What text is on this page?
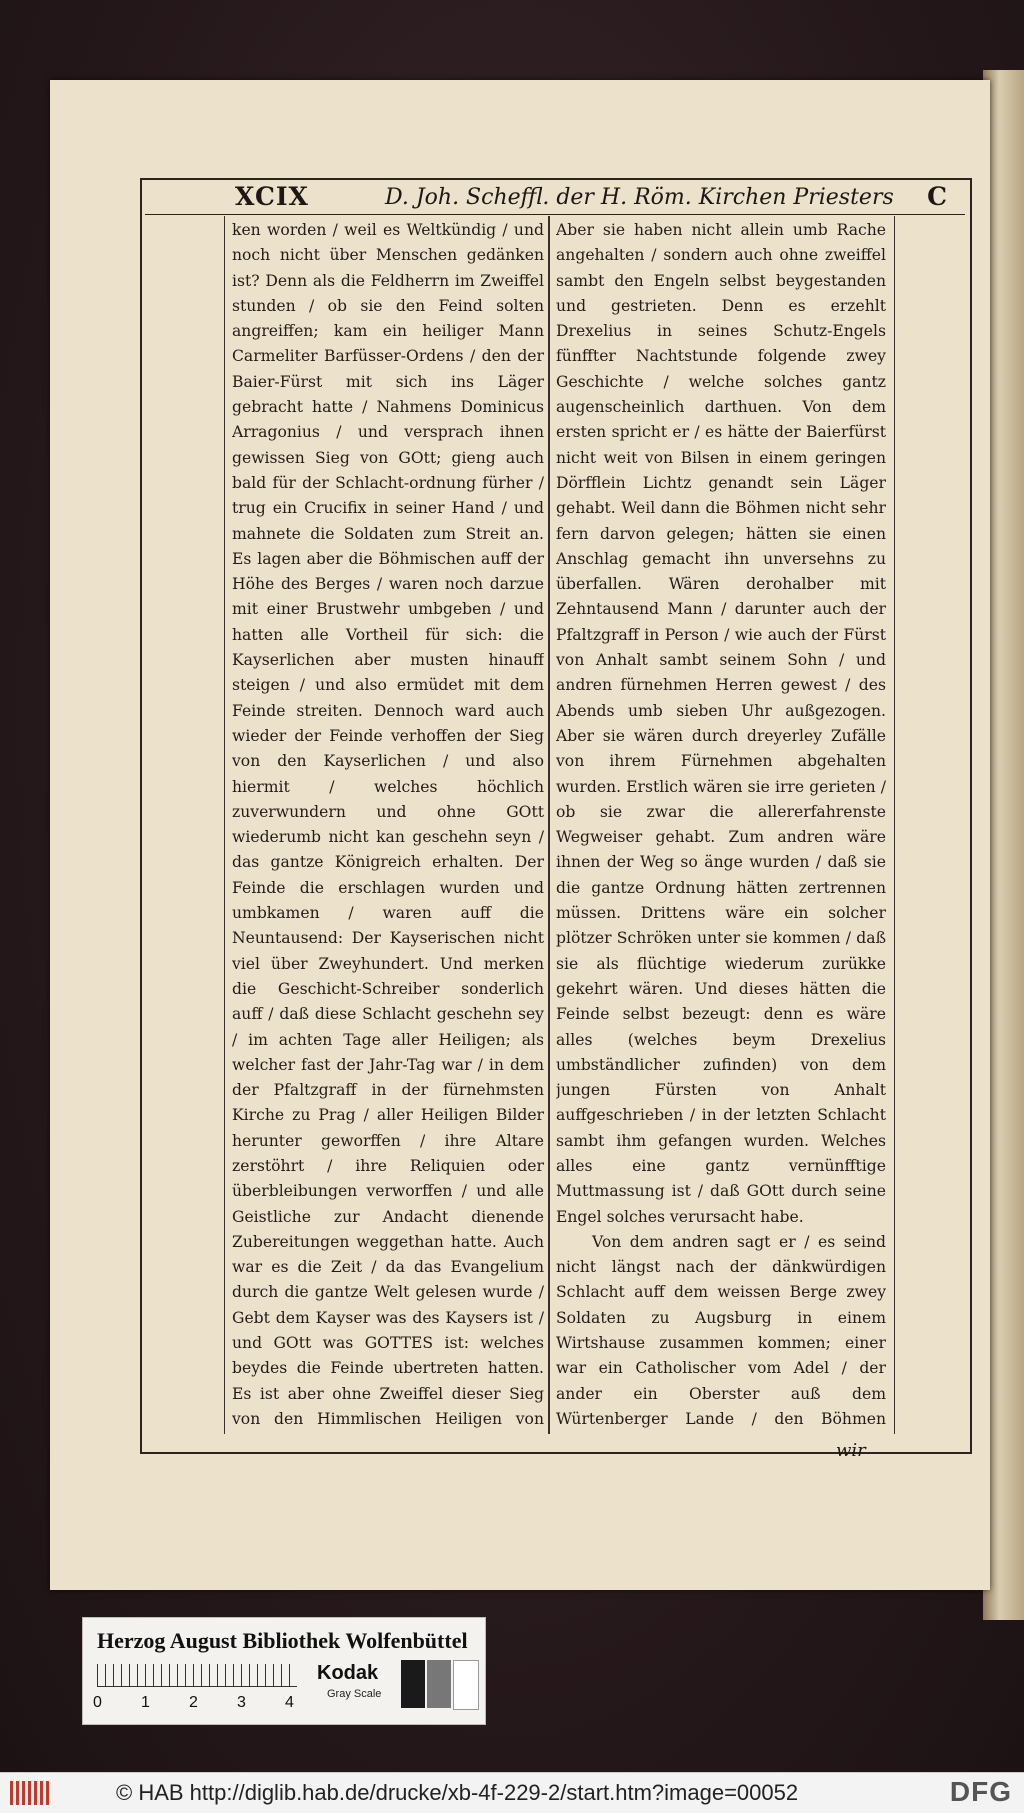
XCIX	D. Joh. Scheffl. der H. Röm. Kirchen Priesters C

ken worden / weil es Weltkündig / und noch nicht über Menschen gedänken ist? Denn als die Feldherrn im Zweiffel stunden / ob sie den Feind solten angreiffen; kam ein heiliger Mann Carmeliter Barfüsser-Ordens / den der Baier-Fürst mit sich ins Läger gebracht hatte / Nahmens Dominicus Arragonius / und versprach ihnen gewissen Sieg von GOtt; gieng auch bald für der Schlacht-ordnung fürher / trug ein Crucifix in seiner Hand / und mahnete die Soldaten zum Streit an. Es lagen aber die Böhmischen auff der Höhe des Berges / waren noch darzue mit einer Brustwehr umbgeben / und hatten alle Vortheil für sich: die Kayserlichen aber musten hinauff steigen / und also ermüdet mit dem Feinde streiten. Dennoch ward auch wieder der Feinde verhoffen der Sieg von den Kayserlichen / und also hiermit / welches höchlich zuverwundern und ohne GOtt wiederumb nicht kan geschehn seyn / das gantze Königreich erhalten. Der Feinde die erschlagen wurden und umbkamen / waren auff die Neuntausend: Der Kayserischen nicht viel über Zweyhundert. Und merken die Geschicht-Schreiber sonderlich auff / daß diese Schlacht geschehn sey / im achten Tage aller Heiligen; als welcher fast der Jahr-Tag war / in dem der Pfaltzgraff in der fürnehmsten Kirche zu Prag / aller Heiligen Bilder herunter geworffen / ihre Altare zerstöhrt / ihre Reliquien oder überbleibungen verworffen / und alle Geistliche zur Andacht dienende Zubereitungen weggethan hatte. Auch war es die Zeit / da das Evangelium durch die gantze Welt gelesen wurde / Gebt dem Kayser was des Kaysers ist / und GOtt was GOTTES ist: welches beydes die Feinde ubertreten hatten. Es ist aber ohne Zweiffel dieser Sieg von den Himmlischen Heiligen von

Aber sie haben nicht allein umb Rache angehalten / sondern auch ohne zweiffel sambt den Engeln selbst beygestanden und gestrieten. Denn es erzehlt Drexelius in seines Schutz-Engels fünffter Nachtstunde folgende zwey Geschichte / welche solches gantz augenscheinlich darthuen. Von dem ersten spricht er / es hätte der Baierfürst nicht weit von Bilsen in einem geringen Dörfflein Lichtz genandt sein Läger gehabt. Weil dann die Böhmen nicht sehr fern darvon gelegen; hätten sie einen Anschlag gemacht ihn unversehns zu überfallen. Wären derohalber mit Zehntausend Mann / darunter auch der Pfaltzgraff in Person / wie auch der Fürst von Anhalt sambt seinem Sohn / und andren fürnehmen Herren gewest / des Abends umb sieben Uhr außgezogen. Aber sie wären durch dreyerley Zufälle von ihrem Fürnehmen abgehalten wurden. Erstlich wären sie irre gerieten / ob sie zwar die allererfahrenste Wegweiser gehabt. Zum andren wäre ihnen der Weg so änge wurden / daß sie die gantze Ordnung hätten zertrennen müssen. Drittens wäre ein solcher plötzer Schröken unter sie kommen / daß sie als flüchtige wiederum zurükke gekehrt wären. Und dieses hätten die Feinde selbst bezeugt: denn es wäre alles (welches beym Drexelius umbständlicher zufinden) von dem jungen Fürsten von Anhalt auffgeschrieben / in der letzten Schlacht sambt ihm gefangen wurden. Welches alles eine gantz vernünfftige Muttmassung ist / daß GOtt durch seine Engel solches verursacht habe.

Von dem andren sagt er / es seind nicht längst nach der dänkwürdigen Schlacht auff dem weissen Berge zwey Soldaten zu Augsburg in einem Wirtshause zusammen kommen; einer war ein Catholischer vom Adel / der ander ein Oberster auß dem Würtenberger Lande / den Böhmen

wir
Herzog August Bibliothek Wolfenbüttel
0 1 2 3 4
Kodak
Gray Scale
© HAB http://diglib.hab.de/drucke/xb-4f-229-2/start.htm?image=00052	DFG
